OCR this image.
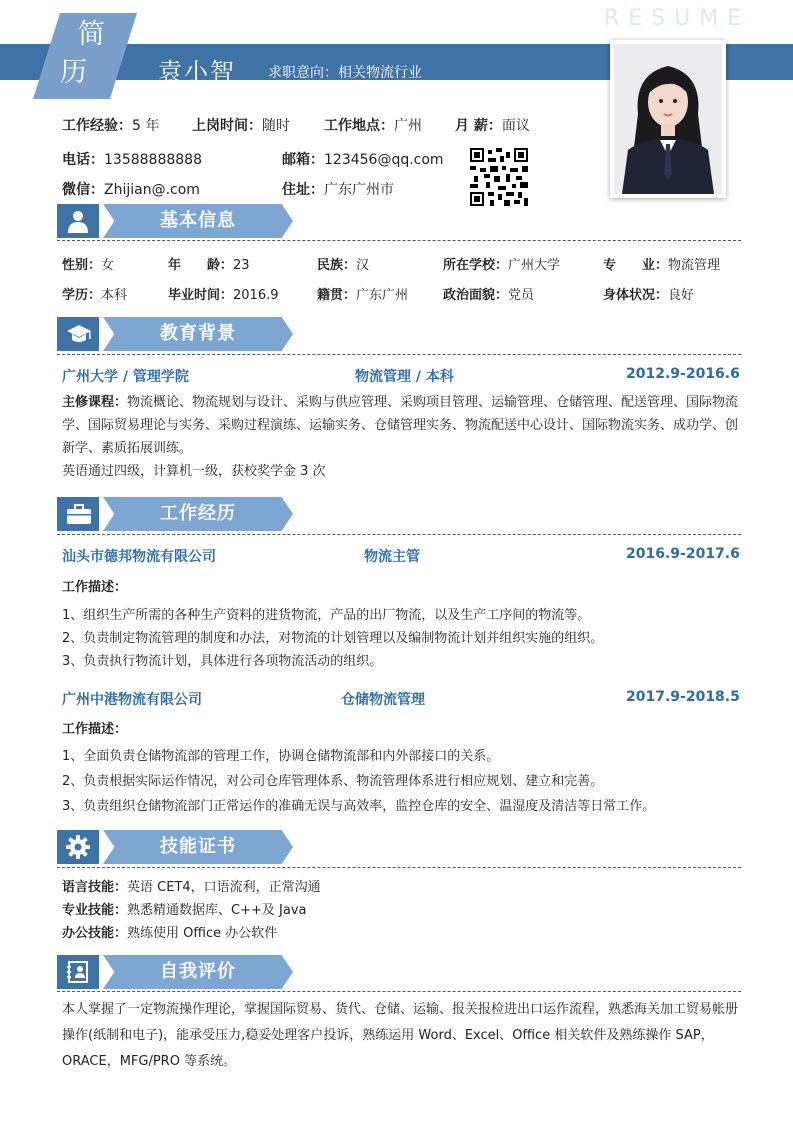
简
历	袁小智 求职意向：相关物流行业
RESUME
工作经验：5 年 上岗时间：随时 工作地点：广州 月 薪：面议
电话：13588888888	邮箱：123456@qq.com
微信：Zhijian@.com	住址：广东广州市
基本信息
性别：女	年　　龄：23	民族：汉	所在学校：广州大学	专　　业：物流管理
学历：本科	毕业时间：2016.9	籍贯：广东广州	政治面貌：党员	身体状况：良好
教育背景
广州大学 / 管理学院	物流管理 / 本科	2012.9-2016.6
主修课程：物流概论、物流规划与设计、采购与供应管理、采购项目管理、运输管理、仓储管理、配送管理、国际物流学、国际贸易理论与实务、采购过程演练、运输实务、仓储管理实务、物流配送中心设计、国际物流实务、成功学、创新学、素质拓展训练。
英语通过四级，计算机一级，获校奖学金 3 次
工作经历
汕头市德邦物流有限公司	物流主管	2016.9-2017.6
工作描述：
1、组织生产所需的各种生产资料的进货物流，产品的出厂物流，以及生产工序间的物流等。
2、负责制定物流管理的制度和办法，对物流的计划管理以及编制物流计划并组织实施的组织。
3、负责执行物流计划，具体进行各项物流活动的组织。
广州中港物流有限公司	仓储物流管理	2017.9-2018.5
工作描述：
1、全面负责仓储物流部的管理工作，协调仓储物流部和内外部接口的关系。
2、负责根据实际运作情况，对公司仓库管理体系、物流管理体系进行相应规划、建立和完善。
3、负责组织仓储物流部门正常运作的准确无误与高效率，监控仓库的安全、温湿度及清洁等日常工作。
技能证书
语言技能：英语 CET4，口语流利，正常沟通
专业技能：熟悉精通数据库、C++及 Java
办公技能：熟练使用 Office 办公软件
自我评价
本人掌握了一定物流操作理论，掌握国际贸易、货代、仓储、运输、报关报检进出口运作流程，熟悉海关加工贸易帐册操作(纸制和电子)，能承受压力,稳妥处理客户投诉，熟练运用 Word、Excel、Office 相关软件及熟练操作 SAP，ORACE，MFG/PRO 等系统。
